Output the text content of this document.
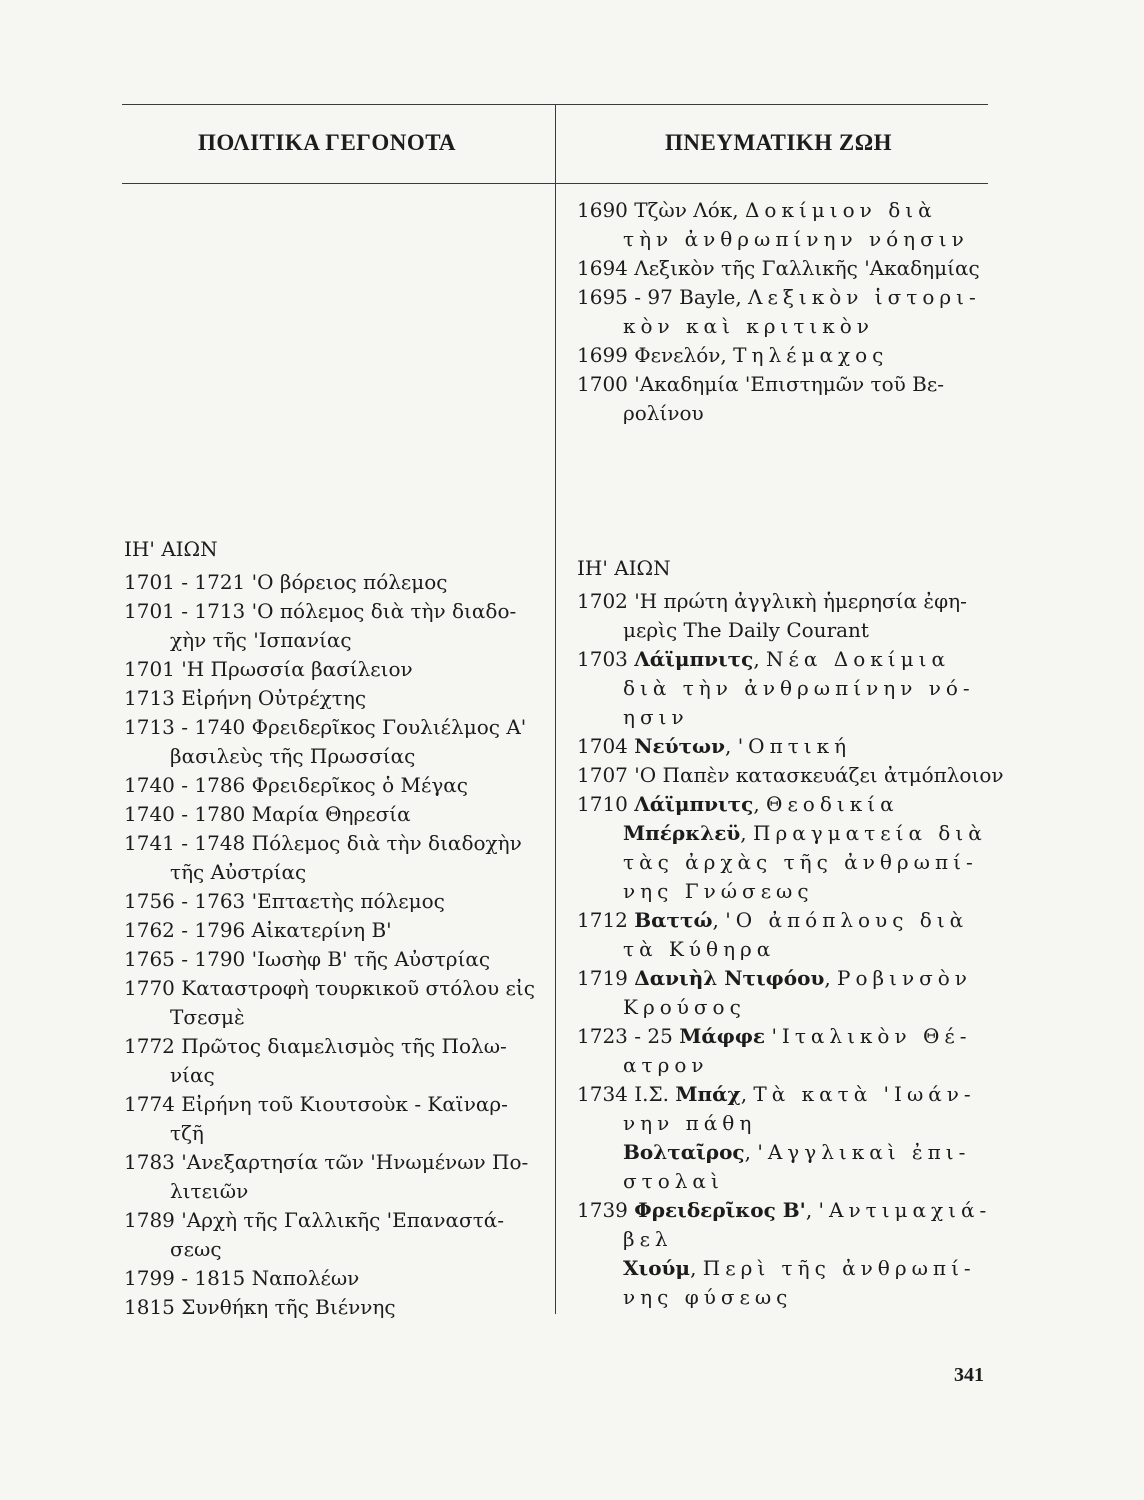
ΠΟΛΙΤΙΚΑ ΓΕΓΟΝΟΤΑ	ΠΝΕΥΜΑΤΙΚΗ ΖΩΗ
ΙΗ' ΑΙΩΝ
1701 - 1721 'Ο βόρειος πόλεμος
1701 - 1713 'Ο πόλεμος διὰ τὴν διαδο-
χὴν τῆς 'Ισπανίας
1701 'Η Πρωσσία βασίλειον
1713 Εἰρήνη Οὐτρέχτης
1713 - 1740 Φρειδερῖκος Γουλιέλμος Α'
βασιλεὺς τῆς Πρωσσίας
1740 - 1786 Φρειδερῖκος ὁ Μέγας
1740 - 1780 Μαρία Θηρεσία
1741 - 1748 Πόλεμος διὰ τὴν διαδοχὴν
τῆς Αὐστρίας
1756 - 1763 'Επταετὴς πόλεμος
1762 - 1796 Αἰκατερίνη Β'
1765 - 1790 'Ιωσὴφ Β' τῆς Αὐστρίας
1770 Καταστροφὴ τουρκικοῦ στόλου εἰς
Τσεσμὲ
1772 Πρῶτος διαμελισμὸς τῆς Πολω-
νίας
1774 Εἰρήνη τοῦ Κιουτσοὺκ - Καϊναρ-
τζῆ
1783 'Ανεξαρτησία τῶν 'Ηνωμένων Πο-
λιτειῶν
1789 'Αρχὴ τῆς Γαλλικῆς 'Επαναστά-
σεως
1799 - 1815 Ναπολέων
1815 Συνθήκη τῆς Βιέννης
1690 Τζὼν Λόκ, Δοκίμιον διὰ
τὴν ἀνθρωπίνην νόησιν
1694 Λεξικὸν τῆς Γαλλικῆς 'Ακαδημίας
1695 - 97 Bayle, Λεξικὸν ἱστορι-
κὸν καὶ κριτικὸν
1699 Φενελόν, Τηλέμαχος
1700 'Ακαδημία 'Επιστημῶν τοῦ Βε-
ρολίνου
ΙΗ' ΑΙΩΝ
1702 'Η πρώτη ἀγγλικὴ ἡμερησία ἐφη-
μερὶς The Daily Courant
1703 Λάϊμπνιτς, Νέα Δοκίμια
διὰ τὴν ἀνθρωπίνην νό-
ησιν
1704 Νεύτων, 'Οπτική
1707 'Ο Παπὲν κατασκευάζει ἀτμόπλοιον
1710 Λάϊμπνιτς, Θεοδικία
Μπέρκλεϋ, Πραγματεία διὰ
τὰς ἀρχὰς τῆς ἀνθρωπί-
νης Γνώσεως
1712 Βαττώ, 'Ο ἀπόπλους διὰ
τὰ Κύθηρα
1719 Δανιὴλ Ντιφόου, Ροβινσὸν
Κρούσος
1723 - 25 Μάφφε 'Ιταλικὸν Θέ-
ατρον
1734 Ι.Σ. Μπάχ, Τὰ κατὰ 'Ιωάν-
νην πάθη
Βολταῖρος, 'Αγγλικαὶ ἐπι-
στολαὶ
1739 Φρειδερῖκος Β', 'Αντιμαχιά-
βελ
Χιούμ, Περὶ τῆς ἀνθρωπί-
νης φύσεως
341
